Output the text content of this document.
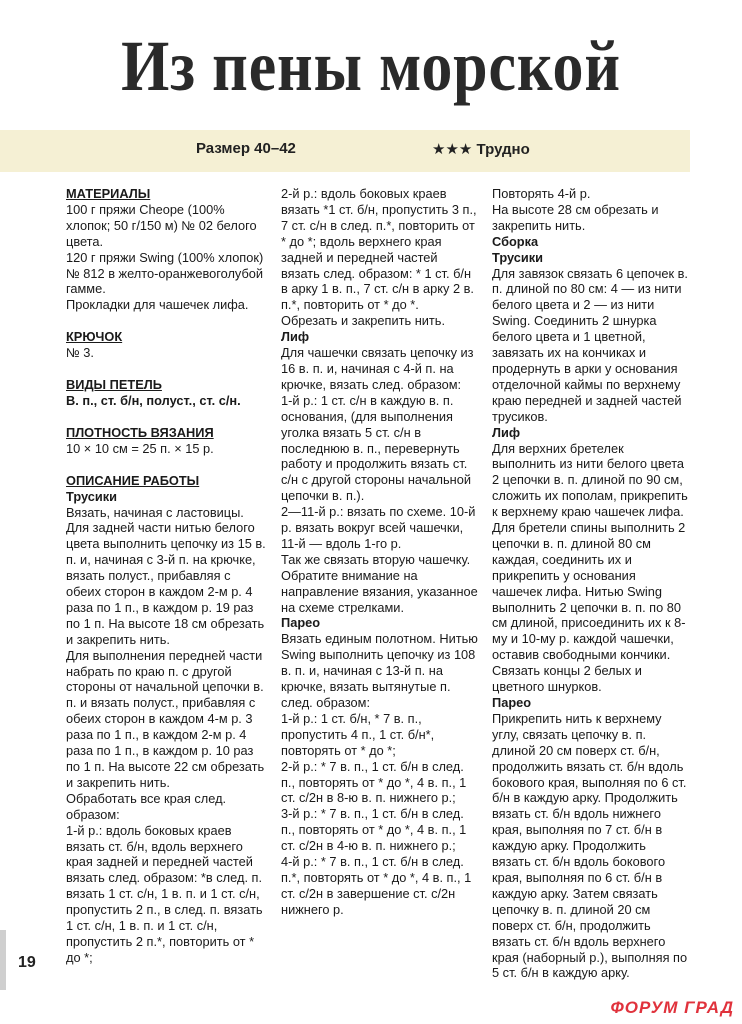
Из пены морской
Размер 40–42	★★★ Трудно
МАТЕРИАЛЫ

100 г пряжи Cheope (100% хлопок; 50 г/150 м) № 02 белого цвета.

120 г пряжи Swing (100% хлопок) № 812 в желто-оранжевоголубой гамме.

Прокладки для чашечек лифа.

КРЮЧОК

№ 3.

ВИДЫ ПЕТЕЛЬ

В. п., ст. б/н, полуст., ст. с/н.

ПЛОТНОСТЬ ВЯЗАНИЯ

10 × 10 см = 25 п. × 15 р.

ОПИСАНИЕ РАБОТЫ
Трусики

Вязать, начиная с ластовицы. Для задней части нитью белого цвета выполнить цепочку из 15 в. п. и, начиная с 3-й п. на крючке, вязать полуст., прибавляя с обеих сторон в каждом 2-м р. 4 раза по 1 п., в каждом р. 19 раз по 1 п. На высоте 18 см обрезать и закрепить нить.

Для выполнения передней части набрать по краю п. с другой стороны от начальной цепочки в. п. и вязать полуст., прибавляя с обеих сторон в каждом 4-м р. 3 раза по 1 п., в каждом 2-м р. 4 раза по 1 п., в каждом р. 10 раз по 1 п. На высоте 22 см обрезать и закрепить нить.

Обработать все края след. образом:

1-й р.: вдоль боковых краев вязать ст. б/н, вдоль верхнего края задней и передней частей вязать след. образом: *в след. п. вязать 1 ст. с/н, 1 в. п. и 1 ст. с/н, пропустить 2 п., в след. п. вязать 1 ст. с/н, 1 в. п. и 1 ст. с/н, пропустить 2 п.*, повторить от * до *;

2-й р.: вдоль боковых краев вязать *1 ст. б/н, пропустить 3 п., 7 ст. с/н в след. п.*, повторить от * до *; вдоль верхнего края задней и передней частей вязать след. образом: * 1 ст. б/н в арку 1 в. п., 7 ст. с/н в арку 2 в. п.*, повторить от * до *. Обрезать и закрепить нить.

Лиф

Для чашечки связать цепочку из 16 в. п. и, начиная с 4-й п. на крючке, вязать след. образом:

1-й р.: 1 ст. с/н в каждую в. п. основания, (для выполнения уголка вязать 5 ст. с/н в последнюю в. п., перевернуть работу и продолжить вязать ст. с/н с другой стороны начальной цепочки в. п.).

2—11-й р.: вязать по схеме. 10-й р. вязать вокруг всей чашечки, 11-й — вдоль 1-го р.

Так же связать вторую чашечку. Обратите внимание на направление вязания, указанное на схеме стрелками.

Парео

Вязать единым полотном. Нитью Swing выполнить цепочку из 108 в. п. и, начиная с 13-й п. на крючке, вязать вытянутые п. след. образом:

1-й р.: 1 ст. б/н, * 7 в. п., пропустить 4 п., 1 ст. б/н*, повторять от * до *;

2-й р.: * 7 в. п., 1 ст. б/н в след. п., повторять от * до *, 4 в. п., 1 ст. с/2н в 8-ю в. п. нижнего р.;

3-й р.: * 7 в. п., 1 ст. б/н в след. п., повторять от * до *, 4 в. п., 1 ст. с/2н в 4-ю в. п. нижнего р.;

4-й р.: * 7 в. п., 1 ст. б/н в след. п.*, повторять от * до *, 4 в. п., 1 ст. с/2н в завершение ст. с/2н нижнего р.

Повторять 4-й р.

На высоте 28 см обрезать и закрепить нить.

Сборка
Трусики

Для завязок связать 6 цепочек в. п. длиной по 80 см: 4 — из нити белого цвета и 2 — из нити Swing. Соединить 2 шнурка белого цвета и 1 цветной, завязать их на кончиках и продернуть в арки у основания отделочной каймы по верхнему краю передней и задней частей трусиков.

Лиф

Для верхних бретелек выполнить из нити белого цвета 2 цепочки в. п. длиной по 90 см, сложить их пополам, прикрепить к верхнему краю чашечек лифа. Для бретели спины выполнить 2 цепочки в. п. длиной 80 см каждая, соединить их и прикрепить у основания чашечек лифа. Нитью Swing выполнить 2 цепочки в. п. по 80 см длиной, присоединить их к 8-му и 10-му р. каждой чашечки, оставив свободными кончики. Связать концы 2 белых и цветного шнурков.

Парео

Прикрепить нить к верхнему углу, связать цепочку в. п. длиной 20 см поверх ст. б/н, продолжить вязать ст. б/н вдоль бокового края, выполняя по 6 ст. б/н в каждую арку. Продолжить вязать ст. б/н вдоль нижнего края, выполняя по 7 ст. б/н в каждую арку. Продолжить вязать ст. б/н вдоль бокового края, выполняя по 6 ст. б/н в каждую арку. Затем связать цепочку в. п. длиной 20 см поверх ст. б/н, продолжить вязать ст. б/н вдоль верхнего края (наборный р.), выполняя по 5 ст. б/н в каждую арку.

19
ФОРУМ ГРАД
